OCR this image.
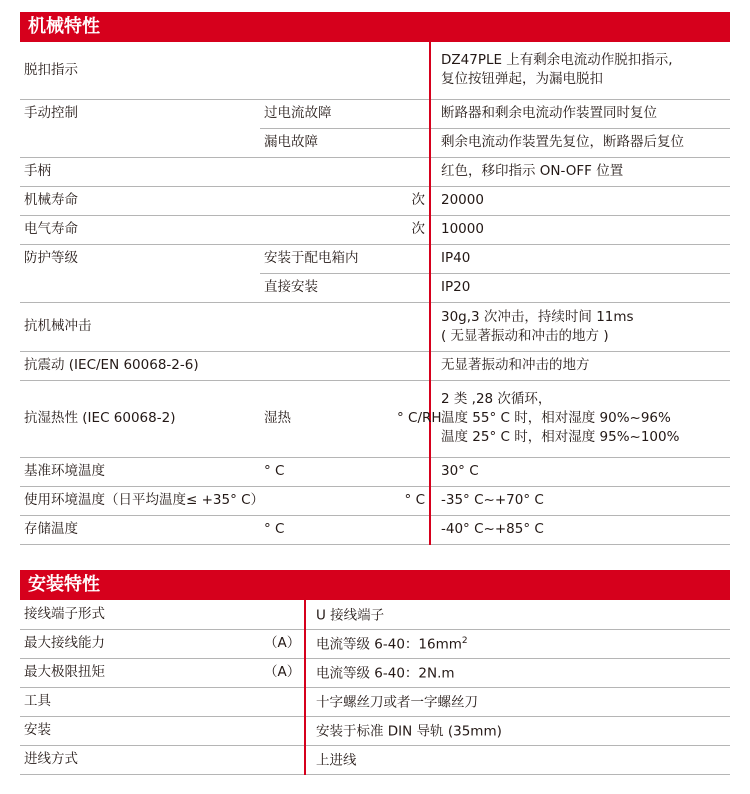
机械特性
脱扣指示			DZ47PLE 上有剩余电流动作脱扣指示,
复位按钮弹起，为漏电脱扣

手动控制	过电流故障		断路器和剩余电流动作装置同时复位
	漏电故障		剩余电流动作装置先复位，断路器后复位
手柄			红色，移印指示 ON-OFF 位置
机械寿命		次	20000
电气寿命		次	10000
防护等级	安装于配电箱内		IP40
	直接安装		IP20
抗机械冲击			30g,3 次冲击，持续时间 11ms
( 无显著振动和冲击的地方 )

抗震动 (IEC/EN 60068-2-6)			无显著振动和冲击的地方
抗湿热性 (IEC 60068-2)	湿热	° C/RH	2 类 ,28 次循环，
温度 55° C 时，相对湿度 90%~96%
温度 25° C 时，相对湿度 95%~100%

基准环境温度	° C		30° C
使用环境温度（日平均温度≤ +35° C）		° C	-35° C~+70° C
存储温度	° C		-40° C~+85° C
安装特性
接线端子形式		U 接线端子
最大接线能力	（A）	电流等级 6-40：$16mm^2$
最大极限扭矩	（A）	电流等级 6-40：2N.m
工具		十字螺丝刀或者一字螺丝刀
安装		安装于标准 DIN 导轨 (35mm)
进线方式		上进线
